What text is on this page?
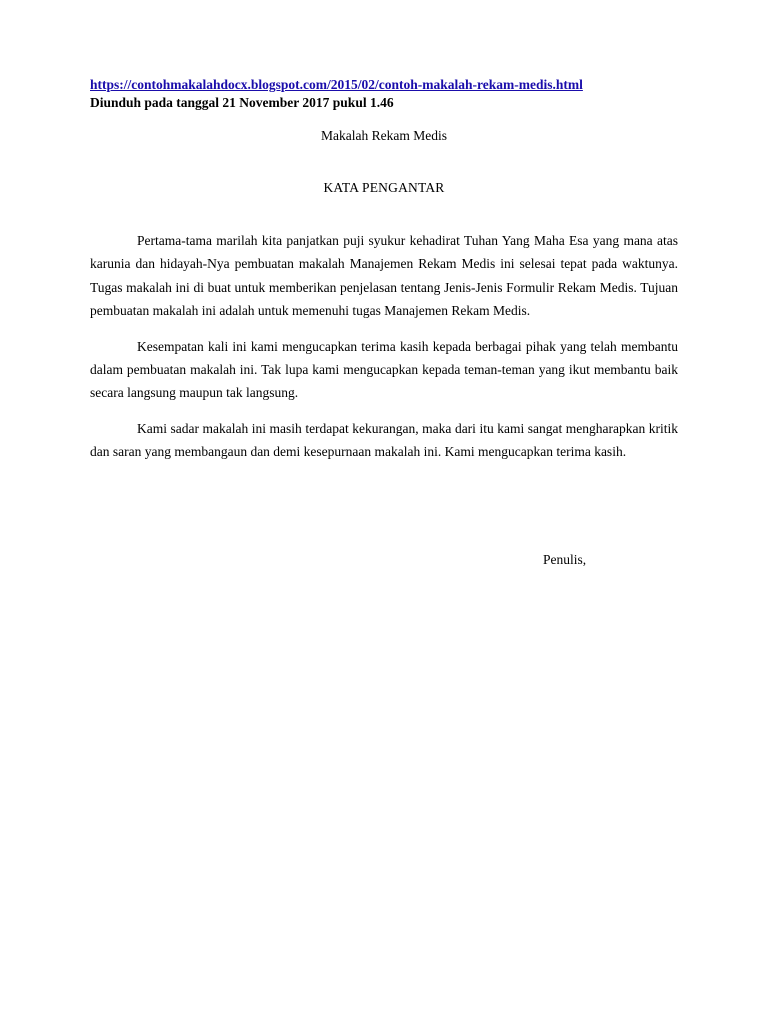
https://contohmakalahdocx.blogspot.com/2015/02/contoh-makalah-rekam-medis.html
Diunduh pada tanggal 21 November 2017 pukul 1.46
Makalah Rekam Medis
KATA PENGANTAR

Pertama-tama marilah kita panjatkan puji syukur kehadirat Tuhan Yang Maha Esa yang mana atas karunia dan hidayah-Nya pembuatan makalah Manajemen Rekam Medis ini selesai tepat pada waktunya. Tugas makalah ini di buat untuk memberikan penjelasan tentang Jenis-Jenis Formulir Rekam Medis. Tujuan pembuatan makalah ini adalah untuk memenuhi tugas Manajemen Rekam Medis.

Kesempatan kali ini kami mengucapkan terima kasih kepada berbagai pihak yang telah membantu dalam pembuatan makalah ini. Tak lupa kami mengucapkan kepada teman-teman yang ikut membantu baik secara langsung maupun tak langsung.

Kami sadar makalah ini masih terdapat kekurangan, maka dari itu kami sangat mengharapkan kritik dan saran yang membangaun dan demi kesepurnaan makalah ini. Kami mengucapkan terima kasih.

Penulis,
